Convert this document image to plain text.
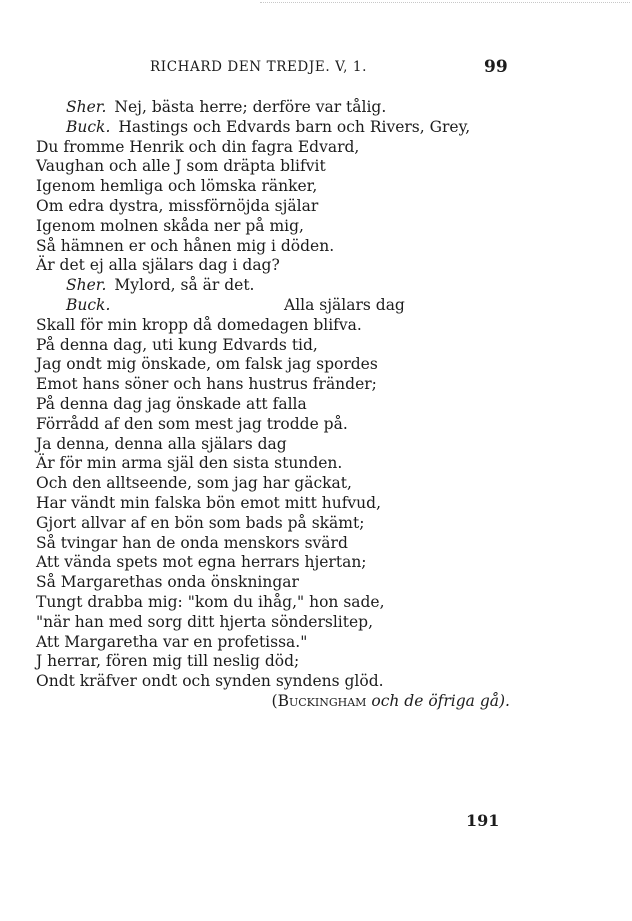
RICHARD DEN TREDJE. V, 1.	99
Sher. Nej, bästa herre; derföre var tålig.
Buck. Hastings och Edvards barn och Rivers, Grey,
Du fromme Henrik och din fagra Edvard,
Vaughan och alle J som dräpta blifvit
Igenom hemliga och lömska ränker,
Om edra dystra, missförnöjda själar
Igenom molnen skåda ner på mig,
Så hämnen er och hånen mig i döden.
Är det ej alla själars dag i dag?
Sher. Mylord, så är det.
Buck.	Alla själars dag
Skall för min kropp då domedagen blifva.
På denna dag, uti kung Edvards tid,
Jag ondt mig önskade, om falsk jag spordes
Emot hans söner och hans hustrus fränder;
På denna dag jag önskade att falla
Förrådd af den som mest jag trodde på.
Ja denna, denna alla själars dag
Är för min arma själ den sista stunden.
Och den alltseende, som jag har gäckat,
Har vändt min falska bön emot mitt hufvud,
Gjort allvar af en bön som bads på skämt;
Så tvingar han de onda menskors svärd
Att vända spets mot egna herrars hjertan;
Så Margarethas onda önskningar
Tungt drabba mig: "kom du ihåg," hon sade,
"när han med sorg ditt hjerta sönderslitер,
Att Margaretha var en profetissa."
J herrar, fören mig till neslig död;
Ondt kräfver ondt och synden syndens glöd.
(Buckingham och de öfriga gå).
191
